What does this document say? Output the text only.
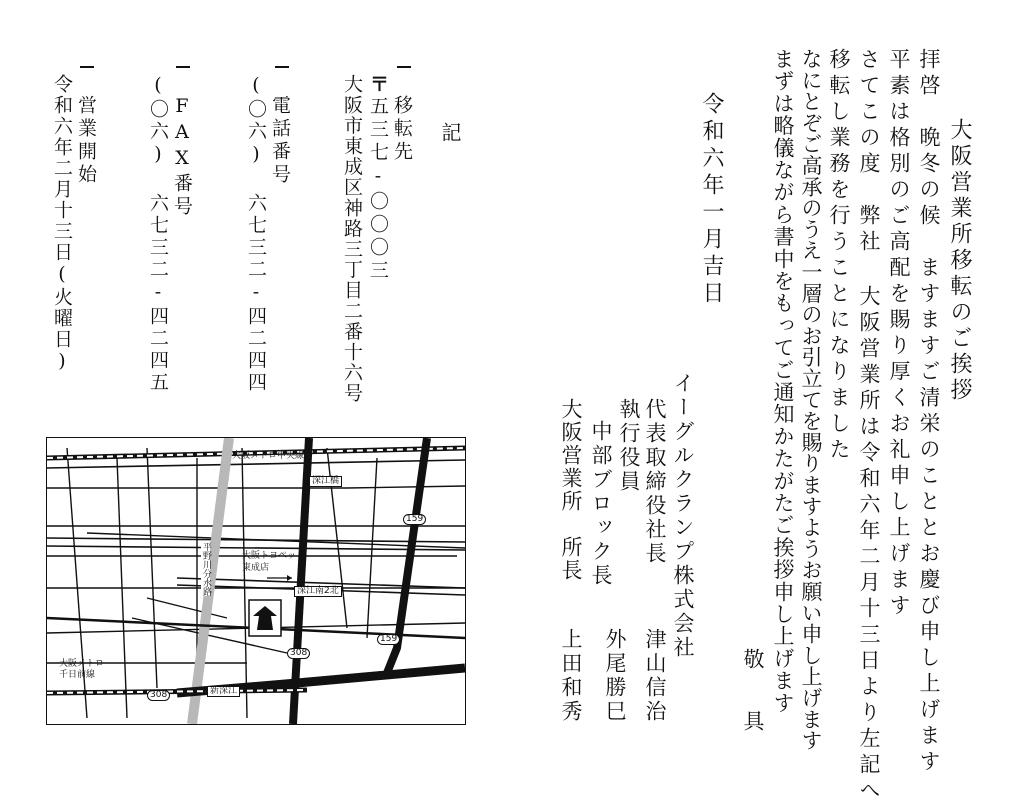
大阪営業所移転のご挨拶
拝啓　晩冬の候　ますますご清栄のこととお慶び申し上げます
平素は格別のご高配を賜り厚くお礼申し上げます
さてこの度　弊社 大阪営業所は令和六年二月十三日より左記へ
移転し業務を行うことになりました
なにとぞご高承のうえ一層のお引立てを賜りますようお願い申し上げます
まずは略儀ながら書中をもってご通知かたがたご挨拶申し上げます
敬　具
令和六年一月吉日
イーグルクランプ株式会社
代表取締役社長
津山信治
執行役員
中部ブロック長
外尾勝巳
大阪営業所　所長
上田和秀
記
移転先
〒
五三七-〇〇〇三
大阪市東成区神路三丁目二番十六号
電話番号
(〇六) 六七三二-四二四四
FAX番号
(〇六) 六七三二-四二四五
営業開始
令和六年二月十三日(火曜日)
大阪メトロ中央線
深江橋
159
159
308
308
平野川分水路	大阪トヨペット
東成店
深江南2北
大阪メトロ
千日前線
新深江
